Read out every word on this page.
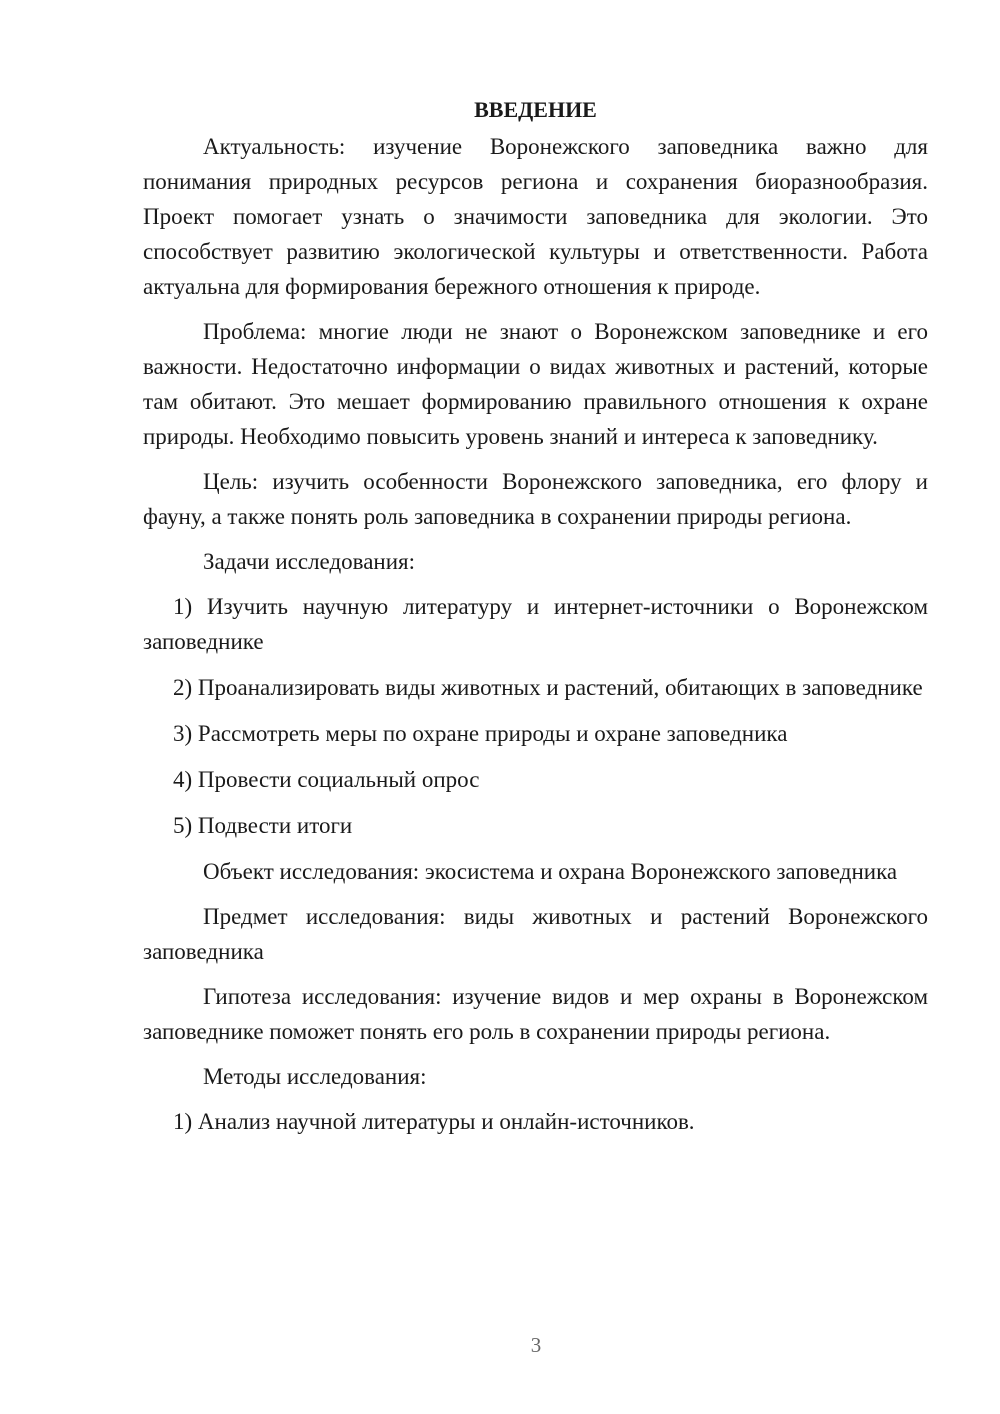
ВВЕДЕНИЕ
Актуальность: изучение Воронежского заповедника важно для понимания природных ресурсов региона и сохранения биоразнообразия. Проект помогает узнать о значимости заповедника для экологии. Это способствует развитию экологической культуры и ответственности. Работа актуальна для формирования бережного отношения к природе.
Проблема: многие люди не знают о Воронежском заповеднике и его важности. Недостаточно информации о видах животных и растений, которые там обитают. Это мешает формированию правильного отношения к охране природы. Необходимо повысить уровень знаний и интереса к заповеднику.
Цель: изучить особенности Воронежского заповедника, его флору и фауну, а также понять роль заповедника в сохранении природы региона.
Задачи исследования:
1) Изучить научную литературу и интернет-источники о Воронежском заповеднике
2) Проанализировать виды животных и растений, обитающих в заповеднике
3) Рассмотреть меры по охране природы и охране заповедника
4) Провести социальный опрос
5) Подвести итоги
Объект исследования: экосистема и охрана Воронежского заповедника
Предмет исследования: виды животных и растений Воронежского заповедника
Гипотеза исследования: изучение видов и мер охраны в Воронежском заповеднике поможет понять его роль в сохранении природы региона.
Методы исследования:
1) Анализ научной литературы и онлайн-источников.
3
